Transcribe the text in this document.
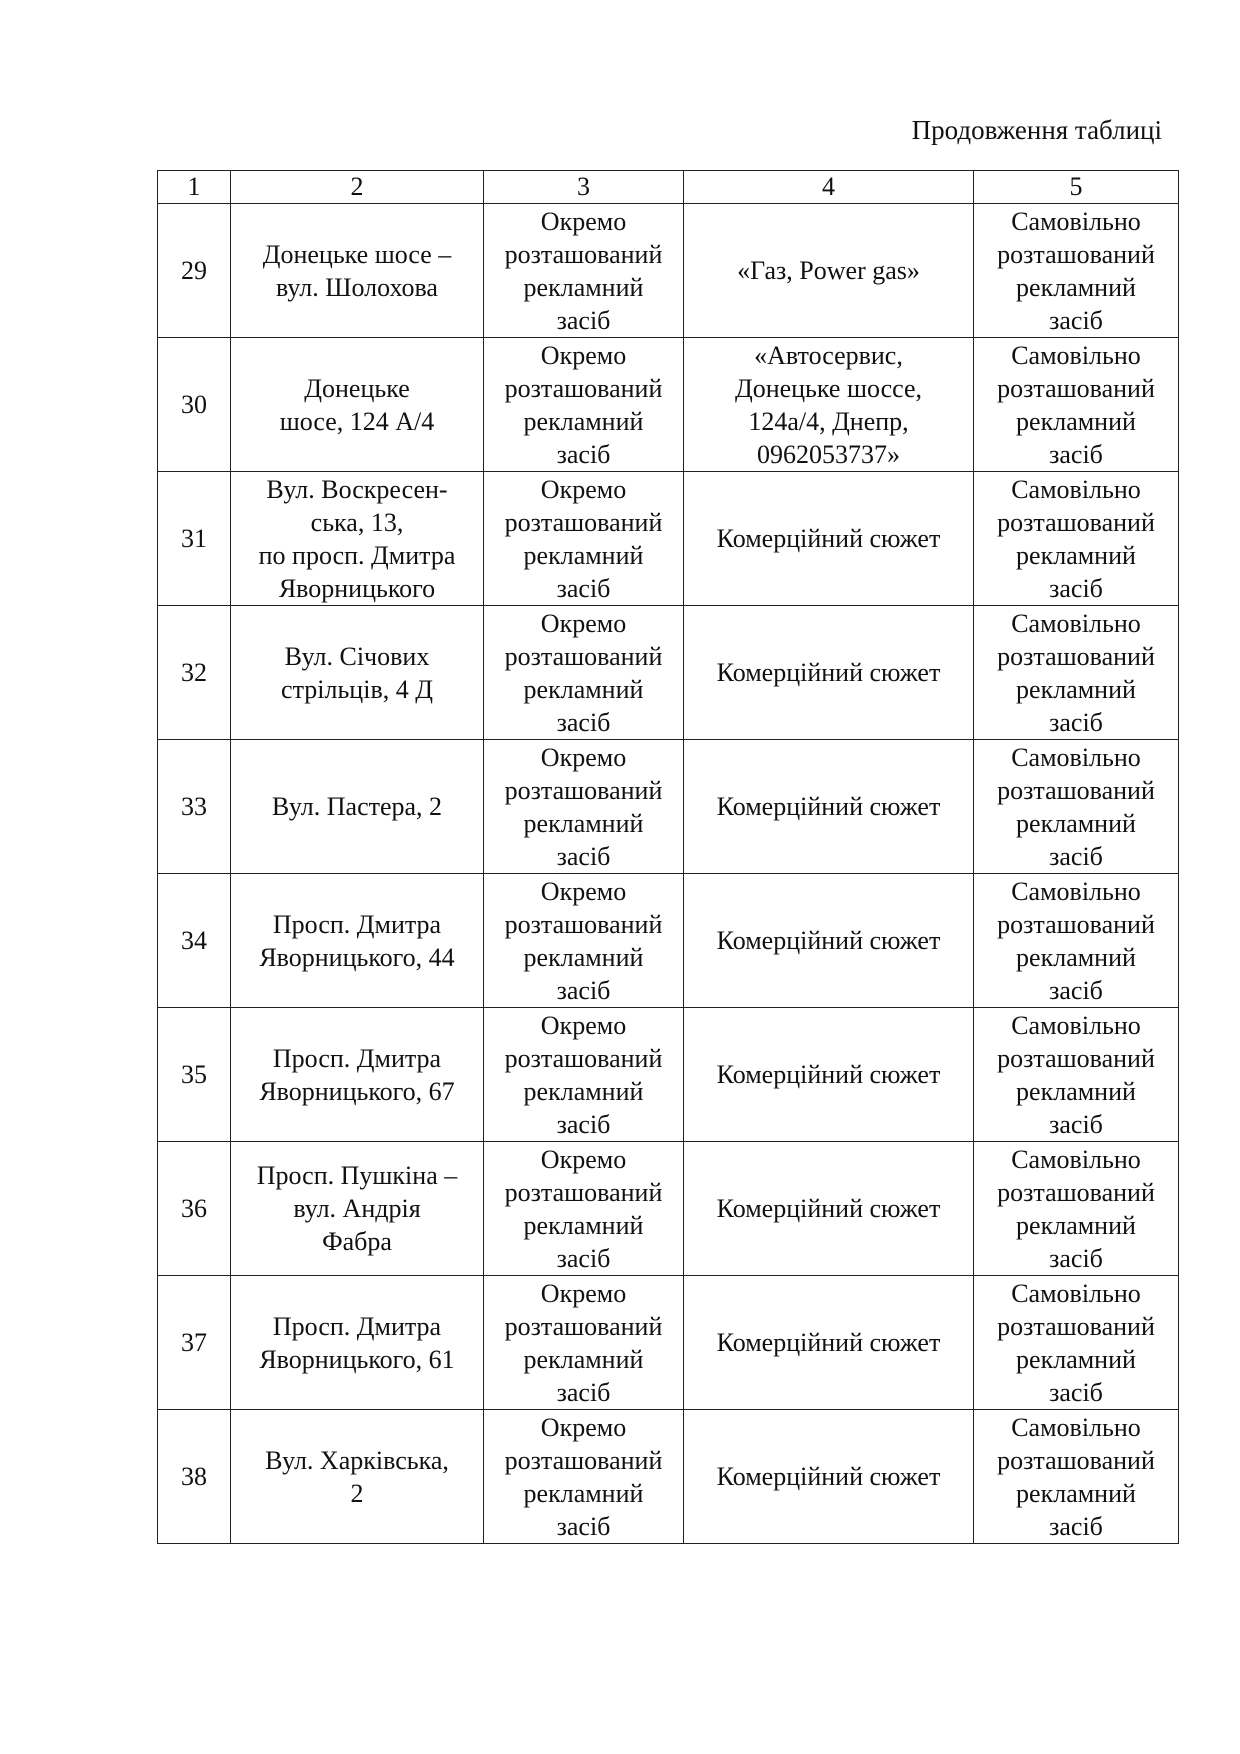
Продовження таблиці
1	2	3	4	5

29	Донецьке шосе –
вул. Шолохова	Окремо
розташований
рекламний
засіб	«Газ, Power gas»	Самовільно
розташований
рекламний
засіб

30	Донецьке
шосе, 124 А/4	Окремо
розташований
рекламний
засіб	«Автосервис,
Донецьке шоссе,
124а/4, Днепр,
0962053737»	Самовільно
розташований
рекламний
засіб

31	Вул. Воскресен-
ська, 13,
по просп. Дмитра
Яворницького	Окремо
розташований
рекламний
засіб	Комерційний сюжет	Самовільно
розташований
рекламний
засіб

32	Вул. Січових
стрільців, 4 Д	Окремо
розташований
рекламний
засіб	Комерційний сюжет	Самовільно
розташований
рекламний
засіб

33	Вул. Пастера, 2	Окремо
розташований
рекламний
засіб	Комерційний сюжет	Самовільно
розташований
рекламний
засіб

34	Просп. Дмитра
Яворницького, 44	Окремо
розташований
рекламний
засіб	Комерційний сюжет	Самовільно
розташований
рекламний
засіб

35	Просп. Дмитра
Яворницького, 67	Окремо
розташований
рекламний
засіб	Комерційний сюжет	Самовільно
розташований
рекламний
засіб

36	Просп. Пушкіна –
вул. Андрія
Фабра	Окремо
розташований
рекламний
засіб	Комерційний сюжет	Самовільно
розташований
рекламний
засіб

37	Просп. Дмитра
Яворницького, 61	Окремо
розташований
рекламний
засіб	Комерційний сюжет	Самовільно
розташований
рекламний
засіб

38	Вул. Харківська,
2	Окремо
розташований
рекламний
засіб	Комерційний сюжет	Самовільно
розташований
рекламний
засіб
